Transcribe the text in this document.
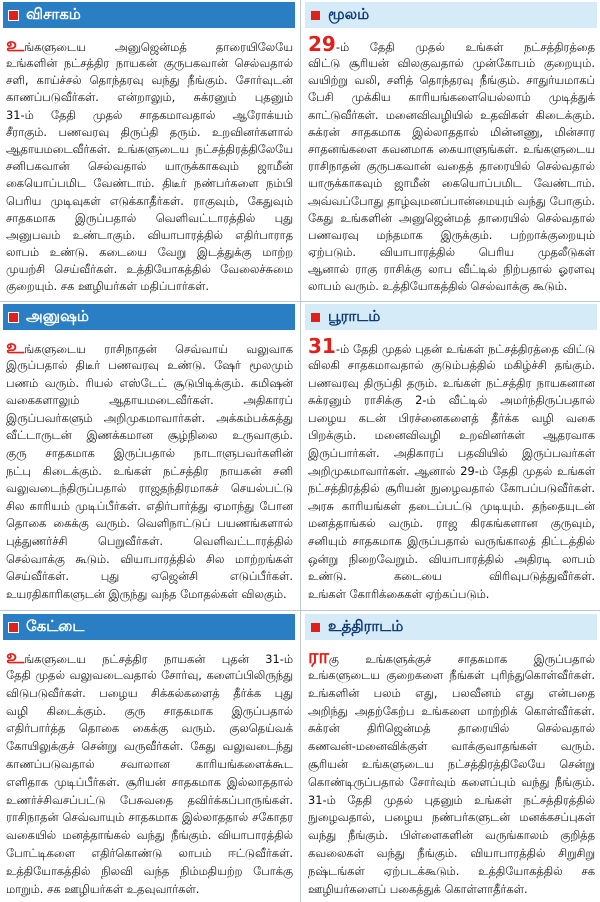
விசாகம்
உங்களுடைய அனுஜென்மத் தாரையிலேயே
உங்களின் நட்சத்திர நாயகன் குருபகவான் செல்வதால்
சளி, காய்ச்சல் தொந்தரவு வந்து நீங்கும். சோர்வுடன்
காணப்படுவீர்கள். என்றாலும், சுக்ரனும் புதனும்
31-ம் தேதி முதல் சாதகமாவதால் ஆரோக்யம்
சீராகும். பணவரவு திருப்தி தரும். உறவினர்களால்
ஆதாயமடைவீர்கள். உங்களுடைய நட்சத்திரத்திலேயே
சனிபகவான் செல்வதால் யாருக்காகவும் ஜாமீன்
கையொப்பமிட வேண்டாம். திடீர் நண்பர்களை நம்பி
பெரிய முடிவுகள் எடுக்காதீர்கள். ராகுவும், கேதுவும்
சாதகமாக இருப்பதால் வெளிவட்டாரத்தில் புது
அனுபவம் உண்டாகும். வியாபாரத்தில் எதிர்பாராத
லாபம் உண்டு. கடையை வேறு இடத்துக்கு மாற்ற
முயற்சி செய்வீர்கள். உத்தியோகத்தில் வேலைச்சுமை
குறையும். சக ஊழியர்கள் மதிப்பார்கள்.
மூலம்
29-ம் தேதி முதல் உங்கள் நட்சத்திரத்தை
விட்டு சூரியன் விலகுவதால் முன்கோபம் குறையும்.
வயிற்று வலி, சளித் தொந்தரவு நீங்கும். சாதுர்யமாகப்
பேசி முக்கிய காரியங்களையெல்லாம் முடித்துக்
காட்டுவீர்கள். மனைவிவழியில் உதவிகள் கிடைக்கும்.
சுக்ரன் சாதகமாக இல்லாததால் மின்னணு, மின்சார
சாதனங்களை கவனமாக கையாளுங்கள். உங்களுடைய
ராசிநாதன் குருபகவான் வதைத் தாரையில் செல்வதால்
யாருக்காகவும் ஜாமீன் கையொப்பமிட வேண்டாம்.
அவ்வப்போது தாழ்வுமனப்பான்மையும் வந்து போகும்.
கேது உங்களின் அனுஜென்மத் தாரையில் செல்வதால்
பணவரவு மந்தமாக இருக்கும். பற்றாக்குறையும்
ஏற்படும். வியாபாரத்தில் பெரிய முதலீடுகள்
ஆனால் ராகு ராசிக்கு லாப வீட்டில் நிற்பதால் ஓரளவு
லாபம் வரும். உத்தியோகத்தில் செல்வாக்கு கூடும்.
அனுஷம்
உங்களுடைய ராசிநாதன் செவ்வாய் வலுவாக
இருப்பதால் திடீர் பணவரவு உண்டு. ஷேர் மூலமும்
பணம் வரும். ரியல் எஸ்டேட் சூடுபிடிக்கும். கமிஷன்
வகைகளாலும் ஆதாயமடைவீர்கள். அதிகாரப்
இருப்பவர்களும் அறிமுகமாவார்கள். அக்கம்பக்கத்து
வீட்டாருடன் இணக்கமான சூழ்நிலை உருவாகும்.
குரு சாதகமாக இருப்பதால் நாடாளுபவர்களின்
நட்பு கிடைக்கும். உங்கள் நட்சத்திர நாயகன் சனி
வலுவடைந்திருப்பதால் ராஜதந்திரமாகச் செயல்பட்டு
சில காரியம் முடிப்பீர்கள். எதிர்பார்த்து ஏமாந்து போன
தொகை கைக்கு வரும். வெளிநாட்டுப் பயணங்களால்
புத்துணர்ச்சி பெறுவீர்கள். வெளிவட்டாரத்தில்
செல்வாக்கு கூடும். வியாபாரத்தில் சில மாற்றங்கள்
செய்வீர்கள். புது ஏஜென்சி எடுப்பீர்கள்.
உயரதிகாரிகளுடன் இருந்து வந்த மோதல்கள் விலகும்.
பூராடம்
31-ம் தேதி முதல் புதன் உங்கள் நட்சத்திரத்தை விட்டு
விலகி சாதகமாவதால் குடும்பத்தில் மகிழ்ச்சி தங்கும்.
பணவரவு திருப்தி தரும். உங்கள் நட்சத்திர நாயகனான
சுக்ரனும் ராசிக்கு 2-ம் வீட்டில் அமர்ந்திருப்பதால்
பழைய கடன் பிரச்னைகளைத் தீர்க்க வழி வகை
பிறக்கும். மனைவிவழி உறவினர்கள் ஆதரவாக
இருப்பார்கள். அதிகாரப் பதவியில் இருப்பவர்கள்
அறிமுகமாவார்கள். ஆனால் 29-ம் தேதி முதல் உங்கள்
நட்சத்திரத்தில் சூரியன் நுழைவதால் கோபப்படுவீர்கள்.
அரசு காரியங்கள் தடைப்பட்டு முடியும். தந்தையுடன்
மனத்தாங்கல் வரும். ராஜ கிரகங்களான குருவும்,
சனியும் சாதகமாக இருப்பதால் வருங்காலத் திட்டத்தில்
ஒன்று நிறைவேறும். வியாபாரத்தில் அதிரடி லாபம்
உண்டு. கடையை விரிவுபடுத்துவீர்கள்.
உங்கள் கோரிக்கைகள் ஏற்கப்படும்.
கேட்டை
உங்களுடைய நட்சத்திர நாயகன் புதன் 31-ம்
தேதி முதல் வலுவடைவதால் சோர்வு, களைப்பிலிருந்து
விடுபடுவீர்கள். பழைய சிக்கல்களைத் தீர்க்க புது
வழி கிடைக்கும். குரு சாதகமாக இருப்பதால்
எதிர்பார்த்த தொகை கைக்கு வரும். குலதெய்வக்
கோயிலுக்குச் சென்று வருவீர்கள். கேது வலுவடைந்து
காணப்படுவதால் சவாலான காரியங்களைக்கூட
எளிதாக முடிப்பீர்கள். சூரியன் சாதகமாக இல்லாததால்
உணர்ச்சிவசப்பட்டு பேசுவதை தவிர்க்கப்பாருங்கள்.
ராசிநாதன் செவ்வாயும் சாதகமாக இல்லாததால் சகோதர
வகையில் மனத்தாங்கல் வந்து நீங்கும். வியாபாரத்தில்
போட்டிகளை எதிர்கொண்டு லாபம் ஈட்டுவீர்கள்.
உத்தியோகத்தில் நிலவி வந்த நிம்மதியற்ற போக்கு
மாறும். சக ஊழியர்கள் உதவுவார்கள்.
உத்திராடம்
ராகு உங்களுக்குச் சாதகமாக இருப்பதால்
உங்களுடைய குறைகளை நீங்கள் புரிந்துகொள்வீர்கள்.
உங்களின் பலம் எது, பலவீனம் எது என்பதை
அறிந்து அதற்கேற்ப உங்களை மாற்றிக் கொள்வீர்கள்.
சுக்ரன் திரிஜென்மத் தாரையில் செல்வதால்
கணவன்-மனைவிக்குள் வாக்குவாதங்கள் வரும்.
சூரியன் உங்களுடைய நட்சத்திரத்திலேயே சென்று
கொண்டிருப்பதால் சோர்வும் களைப்பும் வந்து நீங்கும்.
31-ம் தேதி முதல் புதனும் உங்கள் நட்சத்திரத்தில்
நுழைவதால், பழைய நண்பர்களுடன் மனக்கசப்புகள்
வந்து நீங்கும். பிள்ளைகளின் வருங்காலம் குறித்த
கவலைகள் வந்து நீங்கும். வியாபாரத்தில் சிறுசிறு
நஷ்டங்கள் ஏற்படக்கூடும். உத்தியோகத்தில் சக
ஊழியர்களைப் பகைத்துக் கொள்ளாதீர்கள்.
